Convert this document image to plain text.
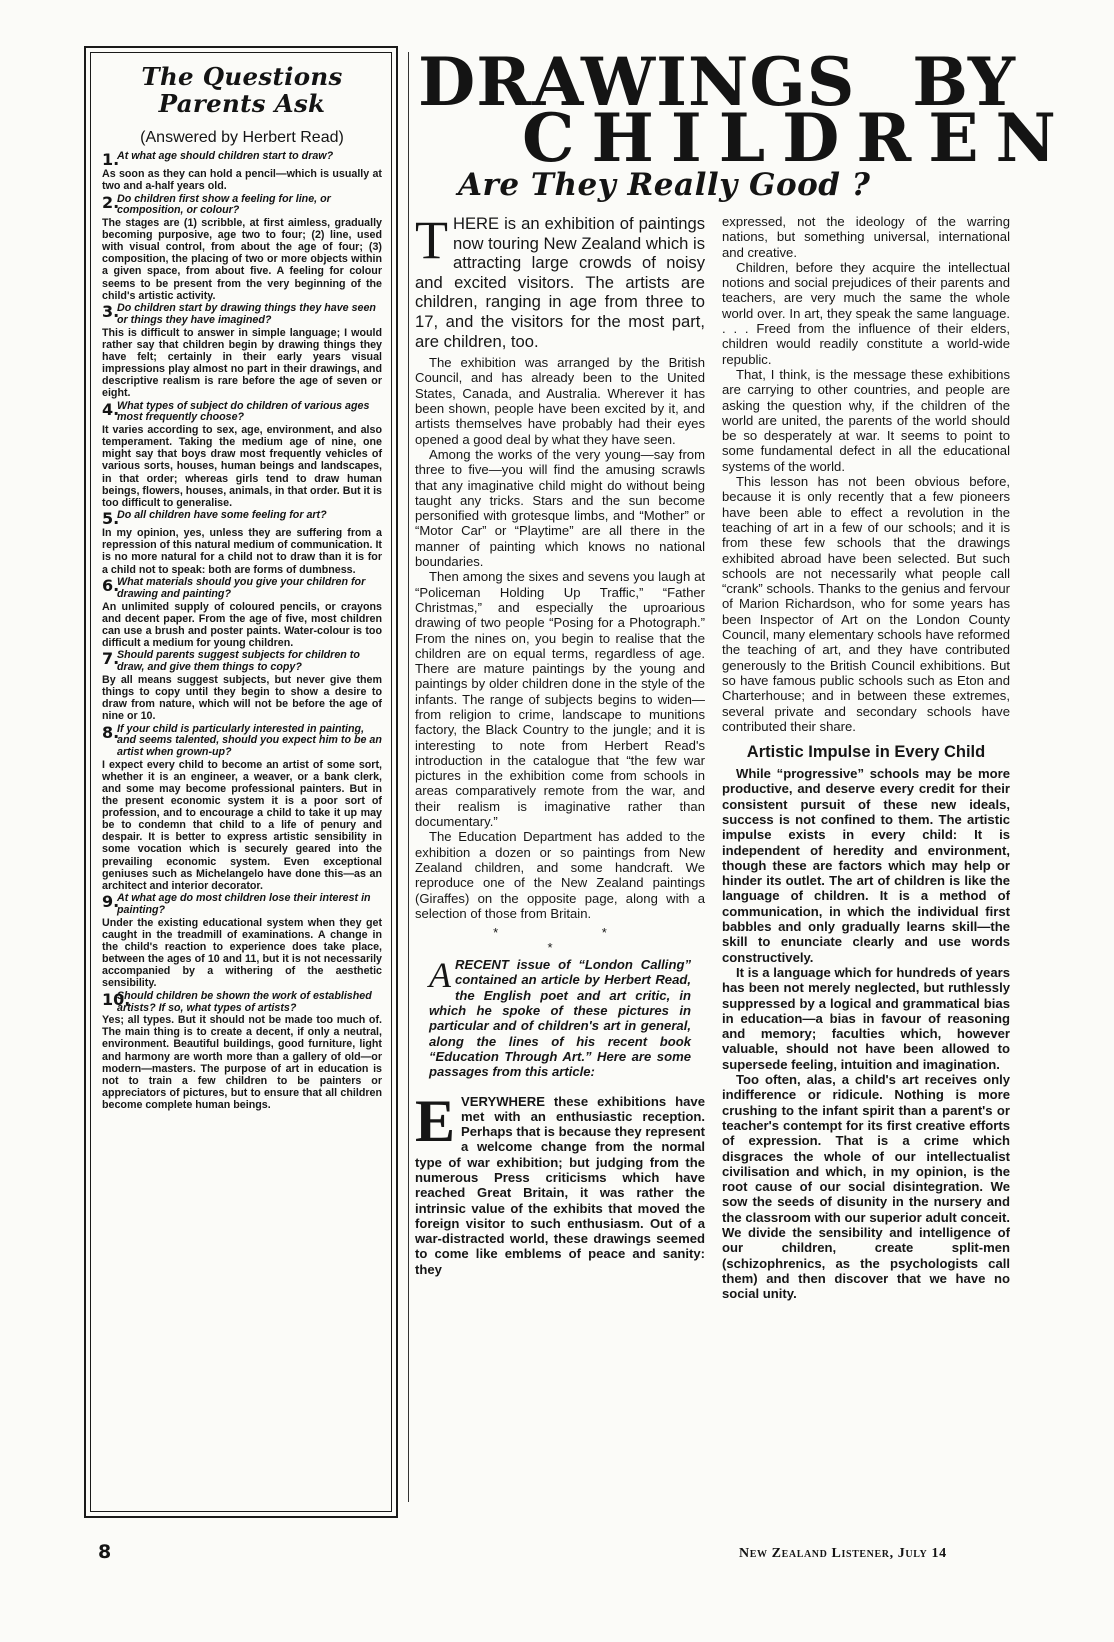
The Questions
Parents Ask
(Answered by Herbert Read)
1.
At what age should children start to draw?
As soon as they can hold a pencil—which is usually at two and a-half years old.
2.
Do children first show a feeling for line, or composition, or colour?
The stages are (1) scribble, at first aimless, gradually becoming purposive, age two to four; (2) line, used with visual control, from about the age of four; (3) composition, the placing of two or more objects within a given space, from about five. A feeling for colour seems to be present from the very beginning of the child's artistic activity.
3.
Do children start by drawing things they have seen or things they have imagined?
This is difficult to answer in simple language; I would rather say that children begin by drawing things they have felt; certainly in their early years visual impressions play almost no part in their drawings, and descriptive realism is rare before the age of seven or eight.
4.
What types of subject do children of various ages most frequently choose?
It varies according to sex, age, environment, and also temperament. Taking the medium age of nine, one might say that boys draw most frequently vehicles of various sorts, houses, human beings and landscapes, in that order; whereas girls tend to draw human beings, flowers, houses, animals, in that order. But it is too difficult to generalise.
5.
Do all children have some feeling for art?
In my opinion, yes, unless they are suffering from a repression of this natural medium of communication. It is no more natural for a child not to draw than it is for a child not to speak: both are forms of dumbness.
6.
What materials should you give your children for drawing and painting?
An unlimited supply of coloured pencils, or crayons and decent paper. From the age of five, most children can use a brush and poster paints. Water-colour is too difficult a medium for young children.
7.
Should parents suggest subjects for children to draw, and give them things to copy?
By all means suggest subjects, but never give them things to copy until they begin to show a desire to draw from nature, which will not be before the age of nine or 10.
8.
If your child is particularly interested in painting, and seems talented, should you expect him to be an artist when grown-up?
I expect every child to become an artist of some sort, whether it is an engineer, a weaver, or a bank clerk, and some may become professional painters. But in the present economic system it is a poor sort of profession, and to encourage a child to take it up may be to condemn that child to a life of penury and despair. It is better to express artistic sensibility in some vocation which is securely geared into the prevailing economic system. Even exceptional geniuses such as Michelangelo have done this—as an architect and interior decorator.
9.
At what age do most children lose their interest in painting?
Under the existing educational system when they get caught in the treadmill of examinations. A change in the child's reaction to experience does take place, between the ages of 10 and 11, but it is not necessarily accompanied by a withering of the aesthetic sensibility.
10.
Should children be shown the work of established artists? If so, what types of artists?
Yes; all types. But it should not be made too much of. The main thing is to create a decent, if only a neutral, environment. Beautiful buildings, good furniture, light and harmony are worth more than a gallery of old—or modern—masters. The purpose of art in education is not to train a few children to be painters or appreciators of pictures, but to ensure that all children become complete human beings.
DRAWINGS BY
CHILDREN
Are They Really Good ?
THERE is an exhibition of paintings now touring New Zealand which is attracting large crowds of noisy and excited visitors. The artists are children, ranging in age from three to 17, and the visitors for the most part, are children, too.

The exhibition was arranged by the British Council, and has already been to the United States, Canada, and Australia. Wherever it has been shown, people have been excited by it, and artists themselves have probably had their eyes opened a good deal by what they have seen.

Among the works of the very young—say from three to five—you will find the amusing scrawls that any imaginative child might do without being taught any tricks. Stars and the sun become personified with grotesque limbs, and “Mother” or “Motor Car” or “Playtime” are all there in the manner of painting which knows no national boundaries.

Then among the sixes and sevens you laugh at “Policeman Holding Up Traffic,” “Father Christmas,” and especially the uproarious drawing of two people “Posing for a Photograph.” From the nines on, you begin to realise that the children are on equal terms, regardless of age. There are mature paintings by the young and paintings by older children done in the style of the infants. The range of subjects begins to widen—from religion to crime, landscape to munitions factory, the Black Country to the jungle; and it is interesting to note from Herbert Read's introduction in the catalogue that “the few war pictures in the exhibition come from schools in areas comparatively remote from the war, and their realism is imaginative rather than documentary.”

The Education Department has added to the exhibition a dozen or so paintings from New Zealand children, and some handcraft. We reproduce one of the New Zealand paintings (Giraffes) on the opposite page, along with a selection of those from Britain.

* * *
ARECENT issue of “London Calling” contained an article by Herbert Read, the English poet and art critic, in which he spoke of these pictures in particular and of children's art in general, along the lines of his recent book “Education Through Art.” Here are some passages from this article:
EVERYWHERE these exhibitions have met with an enthusiastic reception. Perhaps that is because they represent a welcome change from the normal type of war exhibition; but judging from the numerous Press criticisms which have reached Great Britain, it was rather the intrinsic value of the exhibits that moved the foreign visitor to such enthusiasm. Out of a war-distracted world, these drawings seemed to come like emblems of peace and sanity: they

expressed, not the ideology of the warring nations, but something universal, international and creative.

Children, before they acquire the intellectual notions and social prejudices of their parents and teachers, are very much the same the whole world over. In art, they speak the same language. . . . Freed from the influence of their elders, children would readily constitute a world-wide republic.

That, I think, is the message these exhibitions are carrying to other countries, and people are asking the question why, if the children of the world are united, the parents of the world should be so desperately at war. It seems to point to some fundamental defect in all the educational systems of the world.

This lesson has not been obvious before, because it is only recently that a few pioneers have been able to effect a revolution in the teaching of art in a few of our schools; and it is from these few schools that the drawings exhibited abroad have been selected. But such schools are not necessarily what people call “crank” schools. Thanks to the genius and fervour of Marion Richardson, who for some years has been Inspector of Art on the London County Council, many elementary schools have reformed the teaching of art, and they have contributed generously to the British Council exhibitions. But so have famous public schools such as Eton and Charterhouse; and in between these extremes, several private and secondary schools have contributed their share.

Artistic Impulse in Every Child

While “progressive” schools may be more productive, and deserve every credit for their consistent pursuit of these new ideals, success is not confined to them. The artistic impulse exists in every child: It is independent of heredity and environment, though these are factors which may help or hinder its outlet. The art of children is like the language of children. It is a method of communication, in which the individual first babbles and only gradually learns skill—the skill to enunciate clearly and use words constructively.

It is a language which for hundreds of years has been not merely neglected, but ruthlessly suppressed by a logical and grammatical bias in education—a bias in favour of reasoning and memory; faculties which, however valuable, should not have been allowed to supersede feeling, intuition and imagination.

Too often, alas, a child's art receives only indifference or ridicule. Nothing is more crushing to the infant spirit than a parent's or teacher's contempt for its first creative efforts of expression. That is a crime which disgraces the whole of our intellectualist civilisation and which, in my opinion, is the root cause of our social disintegration. We sow the seeds of disunity in the nursery and the classroom with our superior adult conceit. We divide the sensibility and intelligence of our children, create split-men (schizophrenics, as the psychologists call them) and then discover that we have no social unity.

8	New Zealand Listener, July 14
